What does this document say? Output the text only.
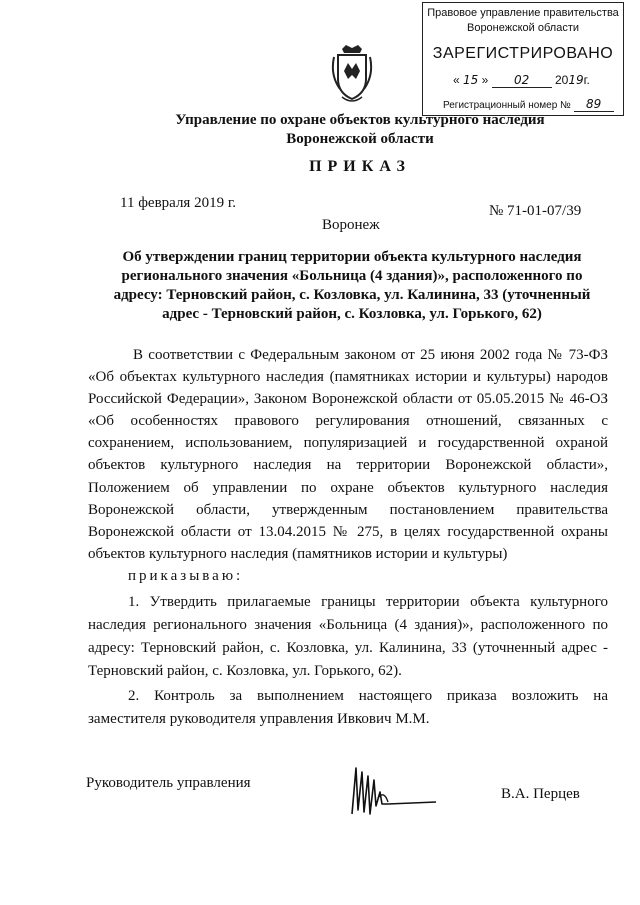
Правовое управление правительства
Воронежской области
ЗАРЕГИСТРИРОВАНО
« 15 » 02 2019г.
Регистрационный номер № 89
Управление по охране объектов культурного наследия
Воронежской области
ПРИКАЗ
11 февраля 2019 г.	№ 71-01-07/39
Воронеж
Об утверждении границ территории объекта культурного наследия
регионального значения «Больница (4 здания)», расположенного по
адресу: Терновский район, с. Козловка, ул. Калинина, 33 (уточненный
адрес - Терновский район, с. Козловка, ул. Горького, 62)
В соответствии с Федеральным законом от 25 июня 2002 года № 73-ФЗ
«Об объектах культурного наследия (памятниках истории и культуры) народов
Российской Федерации», Законом Воронежской области от 05.05.2015 № 46-ОЗ
«Об особенностях правового регулирования отношений, связанных с
сохранением, использованием, популяризацией и государственной охраной
объектов культурного наследия на территории Воронежской области»,
Положением об управлении по охране объектов культурного наследия
Воронежской области, утвержденным постановлением правительства
Воронежской области от 13.04.2015 № 275, в целях государственной охраны
объектов культурного наследия (памятников истории и культуры)
приказываю:
1. Утвердить прилагаемые границы территории объекта культурного
наследия регионального значения «Больница (4 здания)», расположенного по
адресу: Терновский район, с. Козловка, ул. Калинина, 33 (уточненный адрес -
Терновский район, с. Козловка, ул. Горького, 62).
2. Контроль за выполнением настоящего приказа возложить на
заместителя руководителя управления Ивкович М.М.
Руководитель управления
В.А. Перцев
